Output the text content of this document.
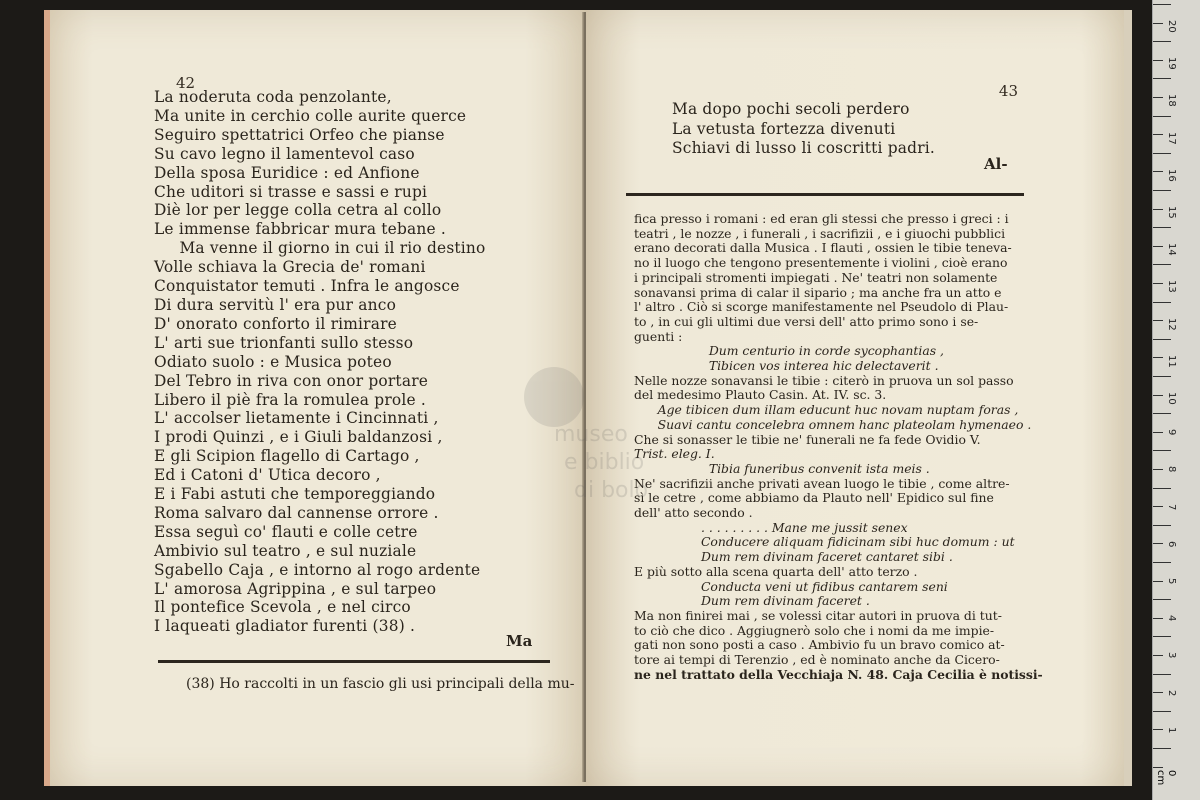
42
La noderuta coda penzolante,
Ma unite in cerchio colle aurite querce
Seguiro spettatrici Orfeo che pianse
Su cavo legno il lamentevol caso
Della sposa Euridice : ed Anfione
Che uditori si trasse e sassi e rupi
Diè lor per legge colla cetra al collo
Le immense fabbricar mura tebane .
Ma venne il giorno in cui il rio destino
Volle schiava la Grecia de' romani
Conquistator temuti . Infra le angosce
Di dura servitù l' era pur anco
D' onorato conforto il rimirare
L' arti sue trionfanti sullo stesso
Odiato suolo : e Musica poteo
Del Tebro in riva con onor portare
Libero il piè fra la romulea prole .
L' accolser lietamente i Cincinnati ,
I prodi Quinzi , e i Giuli baldanzosi ,
E gli Scipion flagello di Cartago ,
Ed i Catoni d' Utica decoro ,
E i Fabi astuti che temporeggiando
Roma salvaro dal cannense orrore .
Essa seguì co' flauti e colle cetre
Ambivio sul teatro , e sul nuziale
Sgabello Caja , e intorno al rogo ardente
L' amorosa Agrippina , e sul tarpeo
Il pontefice Scevola , e nel circo
I laqueati gladiator furenti (38) .
Ma
(38) Ho raccolti in un fascio gli usi principali della mu-
43
Ma dopo pochi secoli perdero
La vetusta fortezza divenuti
Schiavi di lusso li coscritti padri.
Al-
fica presso i romani : ed eran gli stessi che presso i greci : i
teatri , le nozze , i funerali , i sacrifizii , e i giuochi pubblici
erano decorati dalla Musica . I flauti , ossien le tibie teneva-
no il luogo che tengono presentemente i violini , cioè erano
i principali stromenti impiegati . Ne' teatri non solamente
sonavansi prima di calar il sipario ; ma anche fra un atto e
l' altro . Ciò si scorge manifestamente nel Pseudolo di Plau-
to , in cui gli ultimi due versi dell' atto primo sono i se-
guenti :
Dum centurio in corde sycophantias ,
Tibicen vos interea hic delectaverit .
Nelle nozze sonavansi le tibie : citerò in pruova un sol passo
del medesimo Plauto Casin. At. IV. sc. 3.
Age tibicen dum illam educunt huc novam nuptam foras ,
Suavi cantu concelebra omnem hanc plateolam hymenaeo .
Che si sonasser le tibie ne' funerali ne fa fede Ovidio V.
Trist. eleg. I.
Tibia funeribus convenit ista meis .
Ne' sacrifizii anche privati avean luogo le tibie , come altre-
sì le cetre , come abbiamo da Plauto nell' Epidico sul fine
dell' atto secondo .
. . . . . . . . . Mane me jussit senex
Conducere aliquam fidicinam sibi huc domum : ut
Dum rem divinam faceret cantaret sibi .
E più sotto alla scena quarta dell' atto terzo .
Conducta veni ut fidibus cantarem seni
Dum rem divinam faceret .
Ma non finirei mai , se volessi citar autori in pruova di tut-
to ciò che dico . Aggiugnerò solo che i nomi da me impie-
gati non sono posti a caso . Ambivio fu un bravo comico at-
tore ai tempi di Terenzio , ed è nominato anche da Cicero-
ne nel trattato della Vecchiaja N. 48. Caja Cecilia è notissi-
0 cm
20
19
18
17
16
15
14
13
12
11
10
9
8
7
6
5
4
3
2
1
